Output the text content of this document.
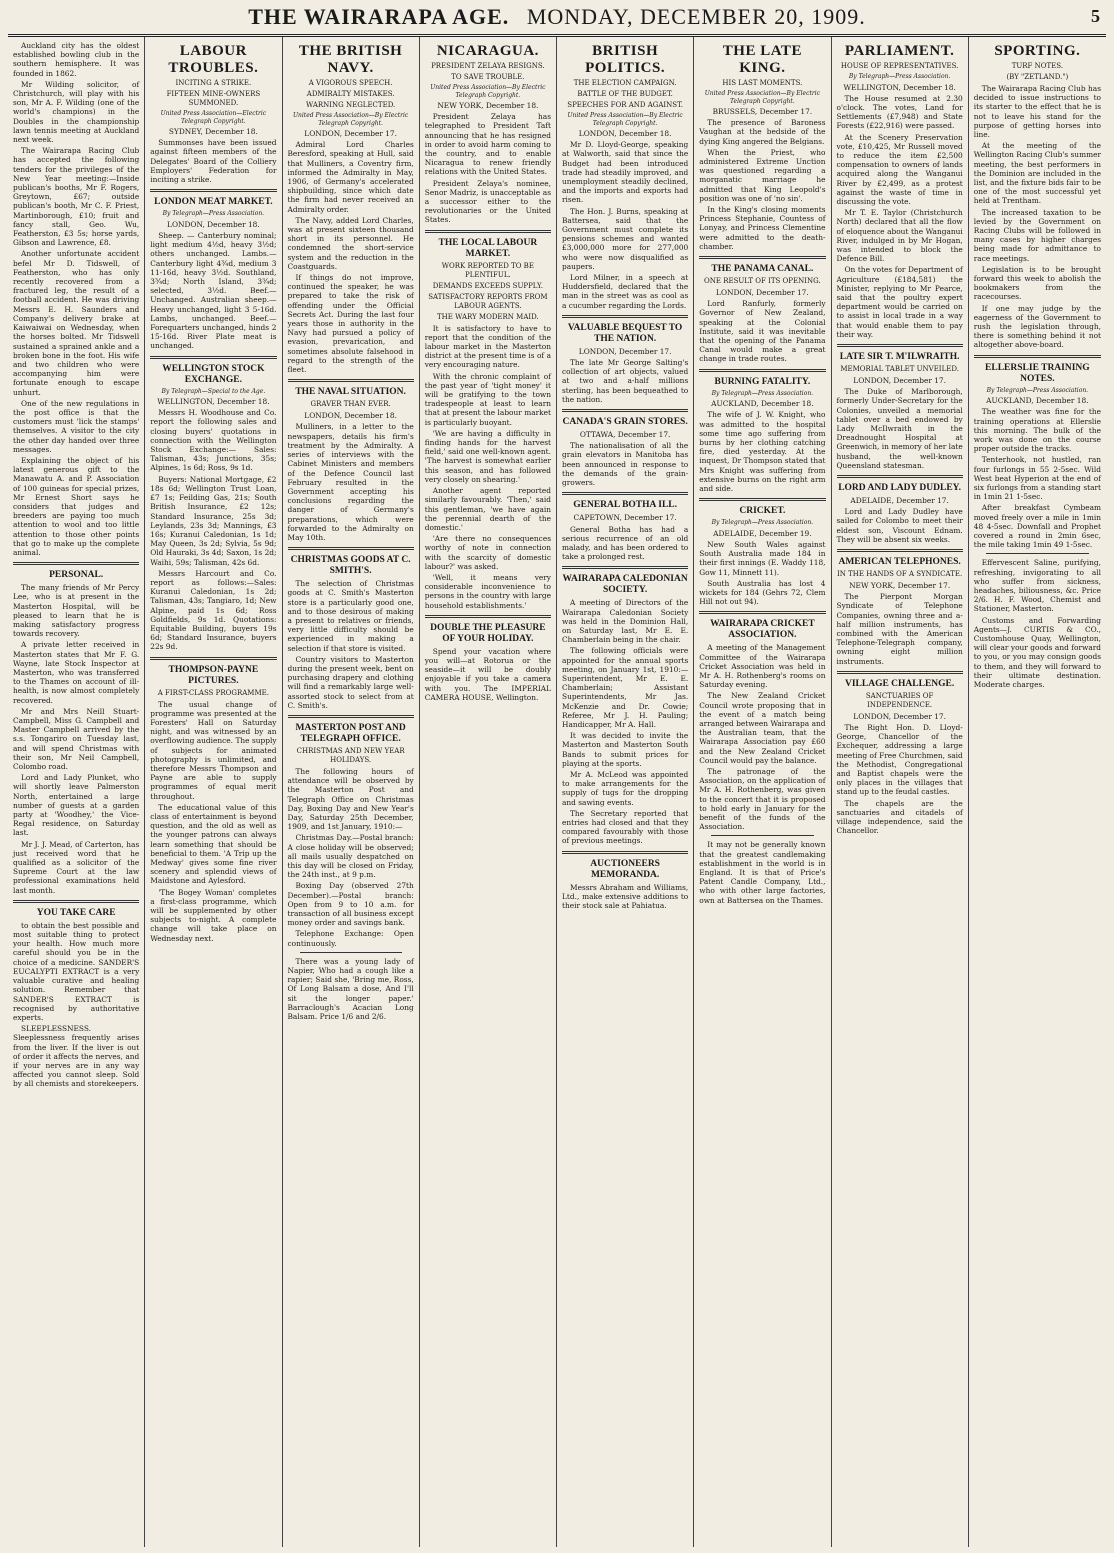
THE WAIRARAPA AGE.
MONDAY, DECEMBER 20, 1909.	5

Auckland city has the oldest established bowling club in the southern hemisphere. It was founded in 1862.

Mr Wilding solicitor, of Christchurch, will play with his son, Mr A. F. Wilding (one of the world's champions) in the Doubles in the championship lawn tennis meeting at Auckland next week.

The Wairarapa Racing Club has accepted the following tenders for the privileges of the New Year meeting:—Inside publican's booths, Mr F. Rogers, Greytown, £67; outside publican's booth, Mr C. F. Priest, Martinborough, £10; fruit and fancy stall, Geo. Wu, Featherston, £3 5s; horse yards, Gibson and Lawrence, £8.

Another unfortunate accident befel Mr D. Tidswell, of Featherston, who has only recently recovered from a fractured leg, the result of a football accident. He was driving Messrs E. H. Saunders and Company's delivery brake at Kaiwaiwai on Wednesday, when the horses bolted. Mr Tidswell sustained a sprained ankle and a broken bone in the foot. His wife and two children who were accompanying him were fortunate enough to escape unhurt.

One of the new regulations in the post office is that the customers must 'lick the stamps' themselves. A visitor to the city the other day handed over three messages.

Explaining the object of his latest generous gift to the Manawatu A. and P. Association of 100 guineas for special prizes, Mr Ernest Short says he considers that judges and breeders are paying too much attention to wool and too little attention to those other points that go to make up the complete animal.

PERSONAL.

The many friends of Mr Percy Lee, who is at present in the Masterton Hospital, will be pleased to learn that he is making satisfactory progress towards recovery.

A private letter received in Masterton states that Mr F. G. Wayne, late Stock Inspector at Masterton, who was transferred to the Thames on account of ill-health, is now almost completely recovered.

Mr and Mrs Neill Stuart-Campbell, Miss G. Campbell and Master Campbell arrived by the s.s. Tongariro on Tuesday last, and will spend Christmas with their son, Mr Neil Campbell, Colombo road.

Lord and Lady Plunket, who will shortly leave Palmerston North, entertained a large number of guests at a garden party at 'Woodhey,' the Vice-Regal residence, on Saturday last.

Mr J. J. Mead, of Carterton, has just received word that he qualified as a solicitor of the Supreme Court at the law professional examinations held last month.

YOU TAKE CARE

to obtain the best possible and most suitable thing to protect your health. How much more careful should you be in the choice of a medicine. SANDER'S EUCALYPTI EXTRACT is a very valuable curative and healing solution. Remember that SANDER'S EXTRACT is recognised by authoritative experts.

SLEEPLESSNESS. Sleeplessness frequently arises from the liver. If the liver is out of order it affects the nerves, and if your nerves are in any way affected you cannot sleep. Sold by all chemists and storekeepers.

LABOUR TROUBLES.
INCITING A STRIKE.
FIFTEEN MINE-OWNERS SUMMONED.
United Press Association—Electric Telegraph Copyright.
SYDNEY, December 18.

Summonses have been issued against fifteen members of the Delegates' Board of the Colliery Employers' Federation for inciting a strike.

LONDON MEAT MARKET.
By Telegraph—Press Association.
LONDON, December 18.

Sheep. — Canterbury nominal; light medium 4½d, heavy 3½d; others unchanged. Lambs.—Canterbury light 4¾d, medium 3 11-16d, heavy 3½d. Southland, 3¾d; North Island, 3¾d; selected, 3½d. Beef.—Unchanged. Australian sheep.—Heavy unchanged, light 3 5-16d. Lambs, unchanged. Beef.—Forequarters unchanged, hinds 2 15-16d. River Plate meat is unchanged.

WELLINGTON STOCK EXCHANGE.
By Telegraph—Special to the Age.
WELLINGTON, December 18.

Messrs H. Woodhouse and Co. report the following sales and closing buyers' quotations in connection with the Wellington Stock Exchange:— Sales: Talisman, 43s; Junctions, 35s; Alpines, 1s 6d; Ross, 9s 1d.

Buyers: National Mortgage, £2 18s 6d; Wellington Trust Loan, £7 1s; Feilding Gas, 21s; South British Insurance, £2 12s; Standard Insurance, 25s 3d; Leylands, 23s 3d; Mannings, £3 16s; Kuranui Caledonian, 1s 1d; May Queen, 3s 2d; Sylvia, 5s 9d; Old Hauraki, 3s 4d; Saxon, 1s 2d; Waihi, 59s; Talisman, 42s 6d.

Messrs Harcourt and Co. report as follows:—Sales: Kuranui Caledonian, 1s 2d; Talisman, 43s; Tangiaro, 1d; New Alpine, paid 1s 6d; Ross Goldfields, 9s 1d. Quotations: Equitable Building, buyers 19s 6d; Standard Insurance, buyers 22s 9d.

THOMPSON-PAYNE PICTURES.
A FIRST-CLASS PROGRAMME.

The usual change of programme was presented at the Foresters' Hall on Saturday night, and was witnessed by an overflowing audience. The supply of subjects for animated photography is unlimited, and therefore Messrs Thompson and Payne are able to supply programmes of equal merit throughout.

The educational value of this class of entertainment is beyond question, and the old as well as the younger patrons can always learn something that should be beneficial to them. 'A Trip up the Medway' gives some fine river scenery and splendid views of Maidstone and Aylesford.

'The Bogey Woman' completes a first-class programme, which will be supplemented by other subjects to-night. A complete change will take place on Wednesday next.

THE BRITISH NAVY.
A VIGOROUS SPEECH.
ADMIRALTY MISTAKES.
WARNING NEGLECTED.
United Press Association—By Electric Telegraph Copyright.
LONDON, December 17.

Admiral Lord Charles Beresford, speaking at Hull, said that Mulliners, a Coventry firm, informed the Admiralty in May, 1906, of Germany's accelerated shipbuilding, since which date the firm had never received an Admiralty order.

The Navy, added Lord Charles, was at present sixteen thousand short in its personnel. He condemned the short-service system and the reduction in the Coastguards.

If things do not improve, continued the speaker, he was prepared to take the risk of offending under the Official Secrets Act. During the last four years those in authority in the Navy had pursued a policy of evasion, prevarication, and sometimes absolute falsehood in regard to the strength of the fleet.

THE NAVAL SITUATION.
GRAVER THAN EVER.
LONDON, December 18.

Mulliners, in a letter to the newspapers, details his firm's treatment by the Admiralty. A series of interviews with the Cabinet Ministers and members of the Defence Council last February resulted in the Government accepting his conclusions regarding the danger of Germany's preparations, which were forwarded to the Admiralty on May 10th.

CHRISTMAS GOODS AT C. SMITH'S.

The selection of Christmas goods at C. Smith's Masterton store is a particularly good one, and to those desirous of making a present to relatives or friends, very little difficulty should be experienced in making a selection if that store is visited.

Country visitors to Masterton during the present week, bent on purchasing drapery and clothing will find a remarkably large well-assorted stock to select from at C. Smith's.

MASTERTON POST AND TELEGRAPH OFFICE.
CHRISTMAS AND NEW YEAR HOLIDAYS.

The following hours of attendance will be observed by the Masterton Post and Telegraph Office on Christmas Day, Boxing Day and New Year's Day, Saturday 25th December, 1909, and 1st January, 1910:—

Christmas Day.—Postal branch: A close holiday will be observed; all mails usually despatched on this day will be closed on Friday, the 24th inst., at 9 p.m.

Boxing Day (observed 27th December).—Postal branch: Open from 9 to 10 a.m. for transaction of all business except money order and savings bank.

Telephone Exchange: Open continuously.

There was a young lady of Napier, Who had a cough like a rapier; Said she, 'Bring me, Ross, Of Long Balsam a dose, And I'll sit the longer paper.' Barraclough's Acacian Long Balsam. Price 1/6 and 2/6.

NICARAGUA.
PRESIDENT ZELAYA RESIGNS.
TO SAVE TROUBLE.
United Press Association—By Electric Telegraph Copyright.
NEW YORK, December 18.

President Zelaya has telegraphed to President Taft announcing that he has resigned in order to avoid harm coming to the country, and to enable Nicaragua to renew friendly relations with the United States.

President Zelaya's nominee, Senor Madriz, is unacceptable as a successor either to the revolutionaries or the United States.

THE LOCAL LABOUR MARKET.
WORK REPORTED TO BE PLENTIFUL.
DEMANDS EXCEEDS SUPPLY.
SATISFACTORY REPORTS FROM LABOUR AGENTS.
THE WARY MODERN MAID.

It is satisfactory to have to report that the condition of the labour market in the Masterton district at the present time is of a very encouraging nature.

With the chronic complaint of the past year of 'tight money' it will be gratifying to the town tradespeople at least to learn that at present the labour market is particularly buoyant.

'We are having a difficulty in finding hands for the harvest field,' said one well-known agent. 'The harvest is somewhat earlier this season, and has followed very closely on shearing.'

Another agent reported similarly favourably. 'Then,' said this gentleman, 'we have again the perennial dearth of the domestic.'

'Are there no consequences worthy of note in connection with the scarcity of domestic labour?' was asked.

'Well, it means very considerable inconvenience to persons in the country with large household establishments.'

DOUBLE THE PLEASURE OF YOUR HOLIDAY.

Spend your vacation where you will—at Rotorua or the seaside—it will be doubly enjoyable if you take a camera with you. The IMPERIAL CAMERA HOUSE, Wellington.

BRITISH POLITICS.
THE ELECTION CAMPAIGN.
BATTLE OF THE BUDGET.
SPEECHES FOR AND AGAINST.
United Press Association—By Electric Telegraph Copyright.
LONDON, December 18.

Mr D. Lloyd-George, speaking at Walworth, said that since the Budget had been introduced trade had steadily improved, and unemployment steadily declined, and the imports and exports had risen.

The Hon. J. Burns, speaking at Battersea, said that the Government must complete its pensions schemes and wanted £3,000,000 more for 277,000 who were now disqualified as paupers.

Lord Milner, in a speech at Huddersfield, declared that the man in the street was as cool as a cucumber regarding the Lords.

VALUABLE BEQUEST TO THE NATION.
LONDON, December 17.

The late Mr George Salting's collection of art objects, valued at two and a-half millions sterling, has been bequeathed to the nation.

CANADA'S GRAIN STORES.
OTTAWA, December 17.

The nationalisation of all the grain elevators in Manitoba has been announced in response to the demands of the grain-growers.

GENERAL BOTHA ILL.
CAPETOWN, December 17.

General Botha has had a serious recurrence of an old malady, and has been ordered to take a prolonged rest.

WAIRARAPA CALEDONIAN SOCIETY.

A meeting of Directors of the Wairarapa Caledonian Society was held in the Dominion Hall, on Saturday last, Mr E. E. Chamberlain being in the chair.

The following officials were appointed for the annual sports meeting, on January 1st, 1910:—Superintendent, Mr E. E. Chamberlain; Assistant Superintendents, Mr Jas. McKenzie and Dr. Cowie; Referee, Mr J. H. Pauling; Handicapper, Mr A. Hall.

It was decided to invite the Masterton and Masterton South Bands to submit prices for playing at the sports.

Mr A. McLeod was appointed to make arrangements for the supply of tugs for the dropping and sawing events.

The Secretary reported that entries had closed and that they compared favourably with those of previous meetings.

AUCTIONEERS MEMORANDA.

Messrs Abraham and Williams, Ltd., make extensive additions to their stock sale at Pahiatua.

THE LATE KING.
HIS LAST MOMENTS.
United Press Association—By Electric Telegraph Copyright.
BRUSSELS, December 17.

The presence of Baroness Vaughan at the bedside of the dying King angered the Belgians.

When the Priest, who administered Extreme Unction was questioned regarding a morganatic marriage he admitted that King Leopold's position was one of 'no sin'.

In the King's closing moments Princess Stephanie, Countess of Lonyay, and Princess Clementine were admitted to the death-chamber.

THE PANAMA CANAL.
ONE RESULT OF ITS OPENING.
LONDON, December 17.

Lord Ranfurly, formerly Governor of New Zealand, speaking at the Colonial Institute, said it was inevitable that the opening of the Panama Canal would make a great change in trade routes.

BURNING FATALITY.
By Telegraph—Press Association.
AUCKLAND, December 18.

The wife of J. W. Knight, who was admitted to the hospital some time ago suffering from burns by her clothing catching fire, died yesterday. At the inquest, Dr Thompson stated that Mrs Knight was suffering from extensive burns on the right arm and side.

CRICKET.
By Telegraph—Press Association.
ADELAIDE, December 19.

New South Wales against South Australia made 184 in their first innings (E. Waddy 118, Gow 11, Minnett 11).

South Australia has lost 4 wickets for 184 (Gehrs 72, Clem Hill not out 94).

WAIRARAPA CRICKET ASSOCIATION.

A meeting of the Management Committee of the Wairarapa Cricket Association was held in Mr A. H. Rothenberg's rooms on Saturday evening.

The New Zealand Cricket Council wrote proposing that in the event of a match being arranged between Wairarapa and the Australian team, that the Wairarapa Association pay £60 and the New Zealand Cricket Council would pay the balance.

The patronage of the Association, on the application of Mr A. H. Rothenberg, was given to the concert that it is proposed to hold early in January for the benefit of the funds of the Association.

It may not be generally known that the greatest candlemaking establishment in the world is in England. It is that of Price's Patent Candle Company, Ltd., who with other large factories, own at Battersea on the Thames.

PARLIAMENT.
HOUSE OF REPRESENTATIVES.
By Telegraph—Press Association.
WELLINGTON, December 18.

The House resumed at 2.30 o'clock. The votes, Land for Settlements (£7,948) and State Forests (£22,916) were passed.

At the Scenery Preservation vote, £10,425, Mr Russell moved to reduce the item £2,500 compensation to owners of lands acquired along the Wanganui River by £2,499, as a protest against the waste of time in discussing the vote.

Mr T. E. Taylor (Christchurch North) declared that all the flow of eloquence about the Wanganui River, indulged in by Mr Hogan, was intended to block the Defence Bill.

On the votes for Department of Agriculture (£184,581) the Minister, replying to Mr Pearce, said that the poultry expert department would be carried on to assist in local trade in a way that would enable them to pay their way.

LATE SIR T. M'ILWRAITH.
MEMORIAL TABLET UNVEILED.
LONDON, December 17.

The Duke of Marlborough, formerly Under-Secretary for the Colonies, unveiled a memorial tablet over a bed endowed by Lady McIlwraith in the Dreadnought Hospital at Greenwich, in memory of her late husband, the well-known Queensland statesman.

LORD AND LADY DUDLEY.
ADELAIDE, December 17.

Lord and Lady Dudley have sailed for Colombo to meet their eldest son, Viscount Ednam. They will be absent six weeks.

AMERICAN TELEPHONES.
IN THE HANDS OF A SYNDICATE.
NEW YORK, December 17.

The Pierpont Morgan Syndicate of Telephone Companies, owning three and a-half million instruments, has combined with the American Telephone-Telegraph company, owning eight million instruments.

VILLAGE CHALLENGE.
SANCTUARIES OF INDEPENDENCE.
LONDON, December 17.

The Right Hon. D. Lloyd-George, Chancellor of the Exchequer, addressing a large meeting of Free Churchmen, said the Methodist, Congregational and Baptist chapels were the only places in the villages that stand up to the feudal castles.

The chapels are the sanctuaries and citadels of village independence, said the Chancellor.

SPORTING.
TURF NOTES.
(BY "ZETLAND.")

The Wairarapa Racing Club has decided to issue instructions to its starter to the effect that he is not to leave his stand for the purpose of getting horses into line.

At the meeting of the Wellington Racing Club's summer meeting, the best performers in the Dominion are included in the list, and the fixture bids fair to be one of the most successful yet held at Trentham.

The increased taxation to be levied by the Government on Racing Clubs will be followed in many cases by higher charges being made for admittance to race meetings.

Legislation is to be brought forward this week to abolish the bookmakers from the racecourses.

If one may judge by the eagerness of the Government to rush the legislation through, there is something behind it not altogether above-board.

ELLERSLIE TRAINING NOTES.
By Telegraph—Press Association.
AUCKLAND, December 18.

The weather was fine for the training operations at Ellerslie this morning. The bulk of the work was done on the course proper outside the tracks.

Tenterhook, not hustled, ran four furlongs in 55 2-5sec. Wild West beat Hyperion at the end of six furlongs from a standing start in 1min 21 1-5sec.

After breakfast Cymbeam moved freely over a mile in 1min 48 4-5sec. Downfall and Prophet covered a round in 2min 6sec, the mile taking 1min 49 1-5sec.

Effervescent Saline, purifying, refreshing, invigorating to all who suffer from sickness, headaches, biliousness, &c. Price 2/6. H. F. Wood, Chemist and Stationer, Masterton.

Customs and Forwarding Agents—J. CURTIS & CO., Customhouse Quay, Wellington, will clear your goods and forward to you, or you may consign goods to them, and they will forward to their ultimate destination. Moderate charges.
